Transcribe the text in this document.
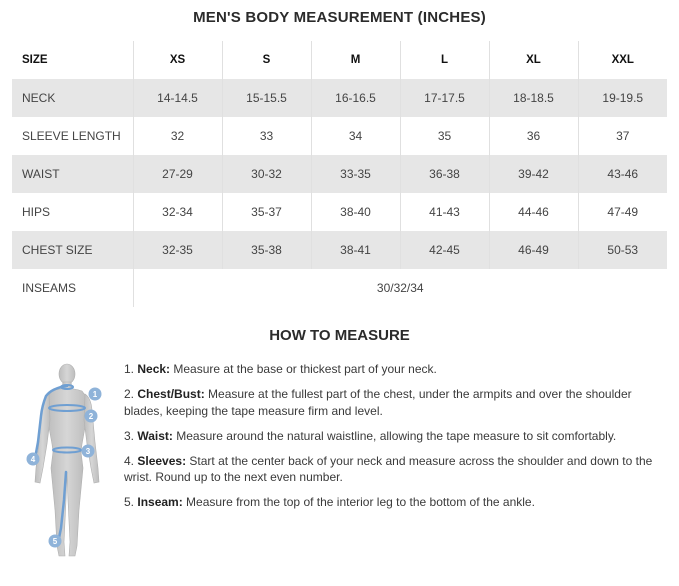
MEN'S BODY MEASUREMENT (INCHES)
SIZE	XS	S	M	L	XL	XXL
NECK	14-14.5	15-15.5	16-16.5	17-17.5	18-18.5	19-19.5
SLEEVE LENGTH	32	33	34	35	36	37
WAIST	27-29	30-32	33-35	36-38	39-42	43-46
HIPS	32-34	35-37	38-40	41-43	44-46	47-49
CHEST SIZE	32-35	35-38	38-41	42-45	46-49	50-53
INSEAMS	30/32/34					
HOW TO MEASURE
1
2
3
4
5
1. Neck: Measure at the base or thickest part of your neck.
2. Chest/Bust: Measure at the fullest part of the chest, under the armpits and over the shoulder blades, keeping the tape measure firm and level.
3. Waist: Measure around the natural waistline, allowing the tape measure to sit comfortably.
4. Sleeves: Start at the center back of your neck and measure across the shoulder and down to the wrist. Round up to the next even number.
5. Inseam: Measure from the top of the interior leg to the bottom of the ankle.
